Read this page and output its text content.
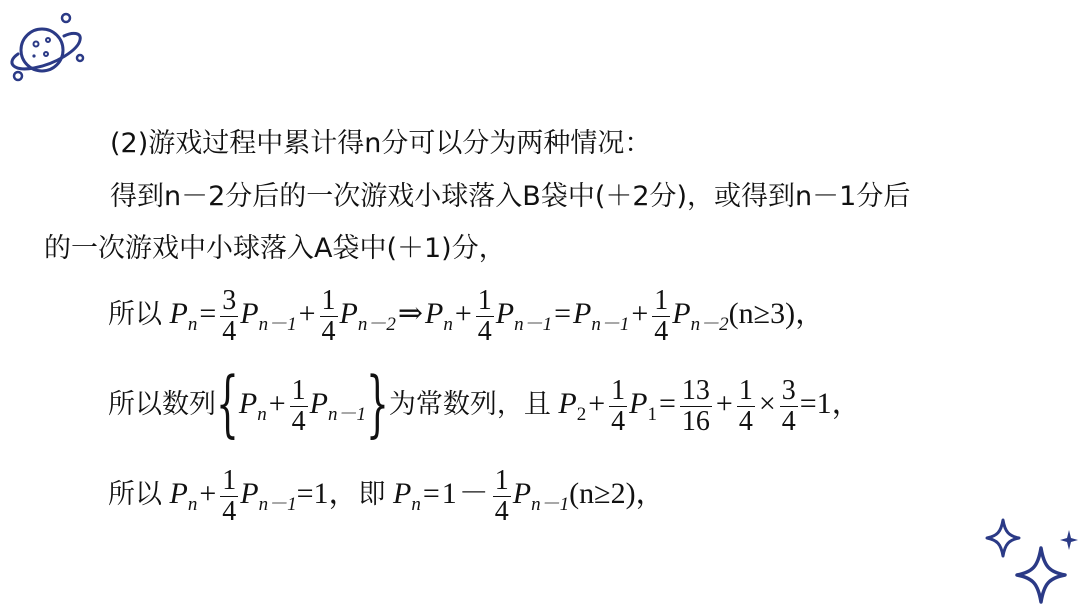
(2)游戏过程中累计得n分可以分为两种情况：
得到n－2分后的一次游戏小球落入B袋中(＋2分)，或得到n－1分后
的一次游戏中小球落入A袋中(＋1)分，
所以 $P_n= \frac{3}{4} P_{n-1}+ \frac{1}{4}$ $P_{n-2}\Rightarrow P_n+ \frac{1}{4} P_{n-1}=P_{n-1}+ \frac{1}{4} P_{n-2}(n\ge 3)$，
所以数列$\{P_n+ \frac{1}{4} P_{n-1}\}$为常数列，且 $P_2+ \frac{1}{4} P_1= \frac{13}{16} + \frac{1}{4} \times \frac{3}{4} =1$，
所以 $P_n+ \frac{1}{4} P_{n-1}=1$，即 $P_n=1- \frac{1}{4} P_{n-1}(n\ge 2)$，
